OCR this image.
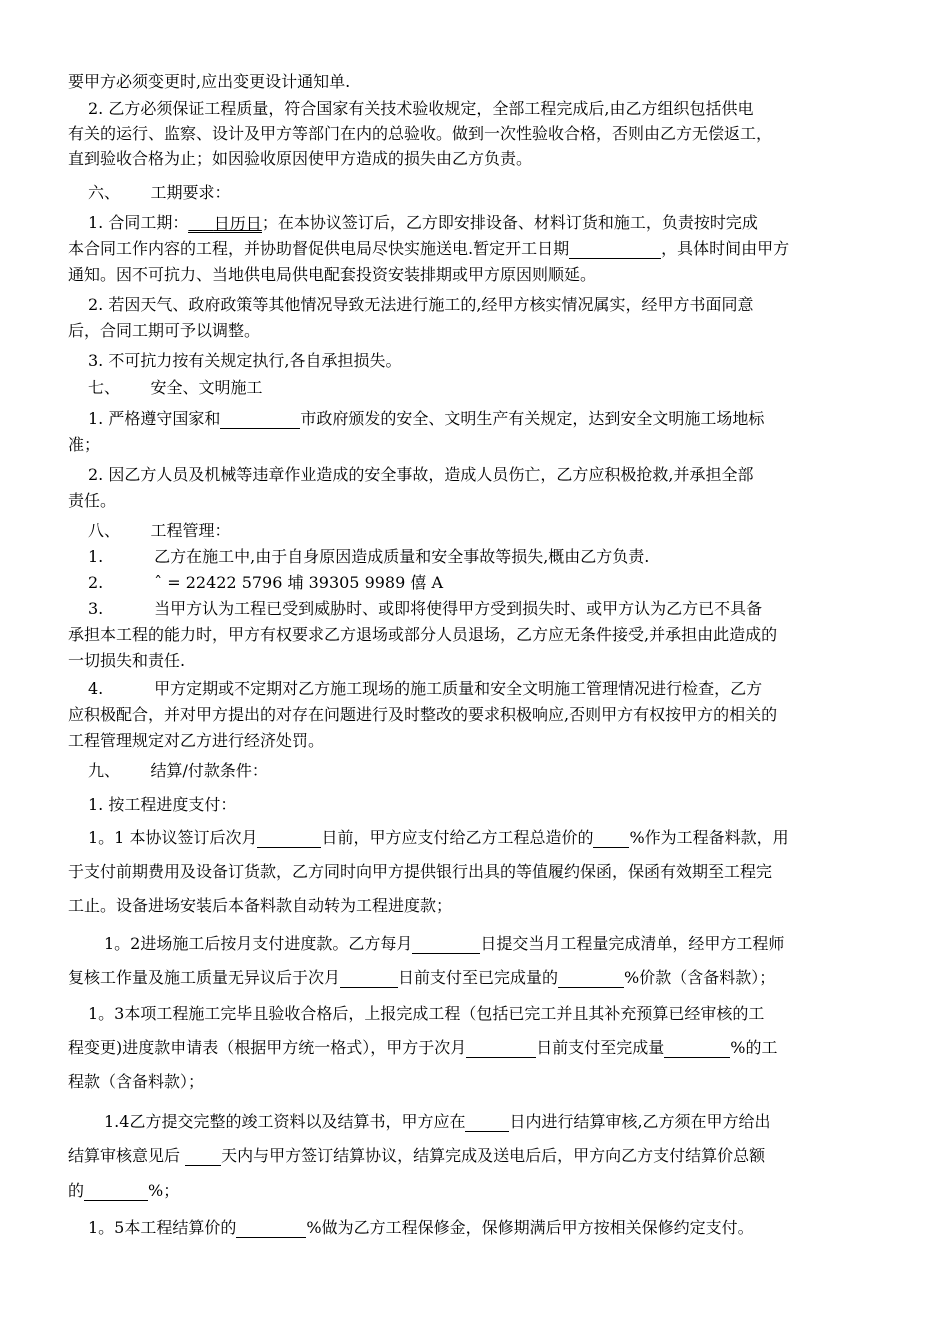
要甲方必须变更时,应出变更设计通知单.
2. 乙方必须保证工程质量，符合国家有关技术验收规定，全部工程完成后,由乙方组织包括供电
有关的运行、监察、设计及甲方等部门在内的总验收。做到一次性验收合格，否则由乙方无偿返工，
直到验收合格为止；如因验收原因使甲方造成的损失由乙方负责。
六、      工期要求：
1. 合同工期： 日历日；在本协议签订后，乙方即安排设备、材料订货和施工，负责按时完成
本合同工作内容的工程，并协助督促供电局尽快实施送电.暂定开工日期	，具体时间由甲方
通知。因不可抗力、当地供电局供电配套投资安装排期或甲方原因则顺延。
2. 若因天气、政府政策等其他情况导致无法进行施工的,经甲方核实情况属实，经甲方书面同意
后，合同工期可予以调整。
3. 不可抗力按有关规定执行,各自承担损失。
七、      安全、文明施工
1. 严格遵守国家和	市政府颁发的安全、文明生产有关规定，达到安全文明施工场地标
准；
2. 因乙方人员及机械等违章作业造成的安全事故，造成人员伤亡，乙方应积极抢救,并承担全部
责任。
八、      工程管理：
1.          乙方在施工中,由于自身原因造成质量和安全事故等损失,概由乙方负责.
2.          ˆ = 22422 5796 埔 39305 9989 僖 A
3.          当甲方认为工程已受到威胁时、或即将使得甲方受到损失时、或甲方认为乙方已不具备
承担本工程的能力时，甲方有权要求乙方退场或部分人员退场，乙方应无条件接受,并承担由此造成的
一切损失和责任.
4.          甲方定期或不定期对乙方施工现场的施工质量和安全文明施工管理情况进行检查，乙方
应积极配合，并对甲方提出的对存在问题进行及时整改的要求积极响应,否则甲方有权按甲方的相关的
工程管理规定对乙方进行经济处罚。
九、      结算/付款条件：
1. 按工程进度支付：
1。1 本协议签订后次月	日前，甲方应支付给乙方工程总造价的 %作为工程备料款，用
于支付前期费用及设备订货款，乙方同时向甲方提供银行出具的等值履约保函，保函有效期至工程完
工止。设备进场安装后本备料款自动转为工程进度款；
1。2进场施工后按月支付进度款。乙方每月	日提交当月工程量完成清单，经甲方工程师
复核工作量及施工质量无异议后于次月	日前支付至已完成量的	%价款（含备料款）；
1。3本项工程施工完毕且验收合格后，上报完成工程（包括已完工并且其补充预算已经审核的工
程变更)进度款申请表（根据甲方统一格式），甲方于次月	日前支付至完成量	%的工
程款（含备料款）；
1.4乙方提交完整的竣工资料以及结算书，甲方应在	日内进行结算审核,乙方须在甲方给出
结算审核意见后 天内与甲方签订结算协议，结算完成及送电后后，甲方向乙方支付结算价总额
的	%；
1。5本工程结算价的	%做为乙方工程保修金，保修期满后甲方按相关保修约定支付。
